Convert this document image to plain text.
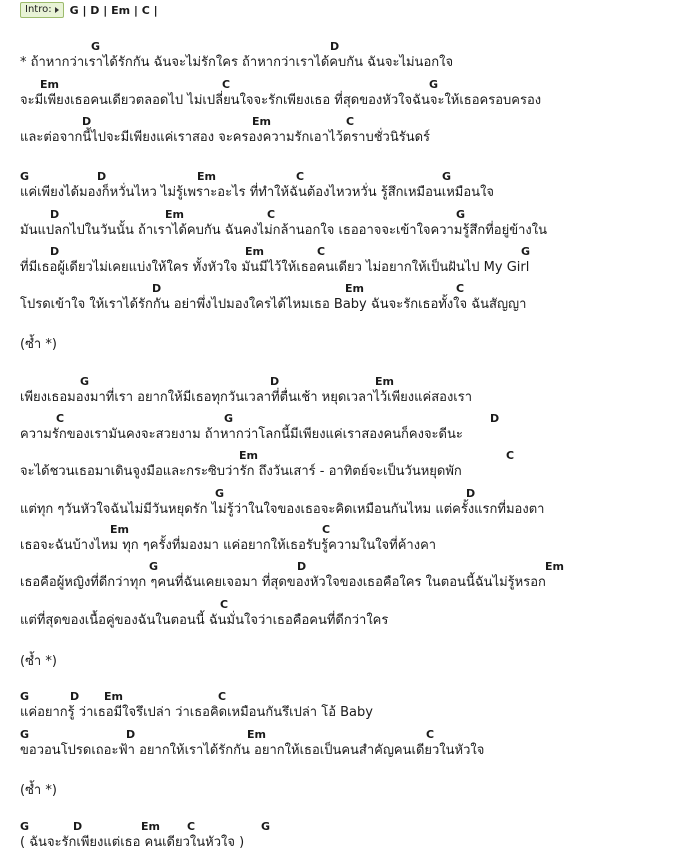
Intro: G | D | Em | C |
G	D
* ถ้าหากว่าเราได้รักกัน ฉันจะไม่รักใคร ถ้าหากว่าเราได้คบกัน ฉันจะไม่นอกใจ
Em	C	G
จะมีเพียงเธอคนเดียวตลอดไป ไม่เปลี่ยนใจจะรักเพียงเธอ ที่สุดของหัวใจฉันจะให้เธอครอบครอง
D	Em	C
และต่อจากนี้ไปจะมีเพียงแค่เราสอง จะครองความรักเอาไว้ตราบชั่วนิรันดร์
G	D	Em	C	G
แค่เพียงได้มองก็หวั่นไหว ไม่รู้เพราะอะไร ที่ทำให้ฉันต้องไหวหวั่น รู้สึกเหมือนเหมือนใจ
D	Em	C	G
มันแปลกไปในวันนั้น ถ้าเราได้คบกัน ฉันคงไม่กล้านอกใจ เธออาจจะเข้าใจความรู้สึกที่อยู่ข้างใน
D	Em	C	G
ที่มีเธอผู้เดียวไม่เคยแบ่งให้ใคร ทั้งหัวใจ มันมีไว้ให้เธอคนเดียว ไม่อยากให้เป็นฝันไป My Girl
D	Em	C
โปรดเข้าใจ ให้เราได้รักกัน อย่าพึ่งไปมองใครได้ไหมเธอ Baby ฉันจะรักเธอทั้งใจ ฉันสัญญา
(ซ้ำ *)
G	D	Em
เพียงเธอมองมาที่เรา อยากให้มีเธอทุกวันเวลาที่ตื่นเช้า หยุดเวลาไว้เพียงแค่สองเรา
C	G	D
ความรักของเรามันคงจะสวยงาม ถ้าหากว่าโลกนี้มีเพียงแค่เราสองคนก็คงจะดีนะ
Em	C
จะได้ชวนเธอมาเดินจูงมือและกระซิบว่ารัก ถึงวันเสาร์ - อาทิตย์จะเป็นวันหยุดพัก
G	D
แต่ทุก ๆวันหัวใจฉันไม่มีวันหยุดรัก ไม่รู้ว่าในใจของเธอจะคิดเหมือนกันไหม แต่ครั้งแรกที่มองตา
Em	C
เธอจะฉันบ้างไหม ทุก ๆครั้งที่มองมา แค่อยากให้เธอรับรู้ความในใจที่ค้างคา
G	D	Em
เธอคือผู้หญิงที่ดีกว่าทุก ๆคนที่ฉันเคยเจอมา ที่สุดของหัวใจของเธอคือใคร ในตอนนี้ฉันไม่รู้หรอก
C
แต่ที่สุดของเนื้อคู่ของฉันในตอนนี้ ฉันมั่นใจว่าเธอคือคนที่ดีกว่าใคร
(ซ้ำ *)
G	D Em	C
แค่อยากรู้ ว่าเธอมีใจรึเปล่า ว่าเธอคิดเหมือนกันรึเปล่า โอ้ Baby
G	D	Em	C
ขอวอนโปรดเถอะฟ้า อยากให้เราได้รักกัน อยากให้เธอเป็นคนสำคัญคนเดียวในหัวใจ
(ซ้ำ *)
G	D	Em C	G
( ฉันจะรักเพียงแต่เธอ คนเดียวในหัวใจ )
